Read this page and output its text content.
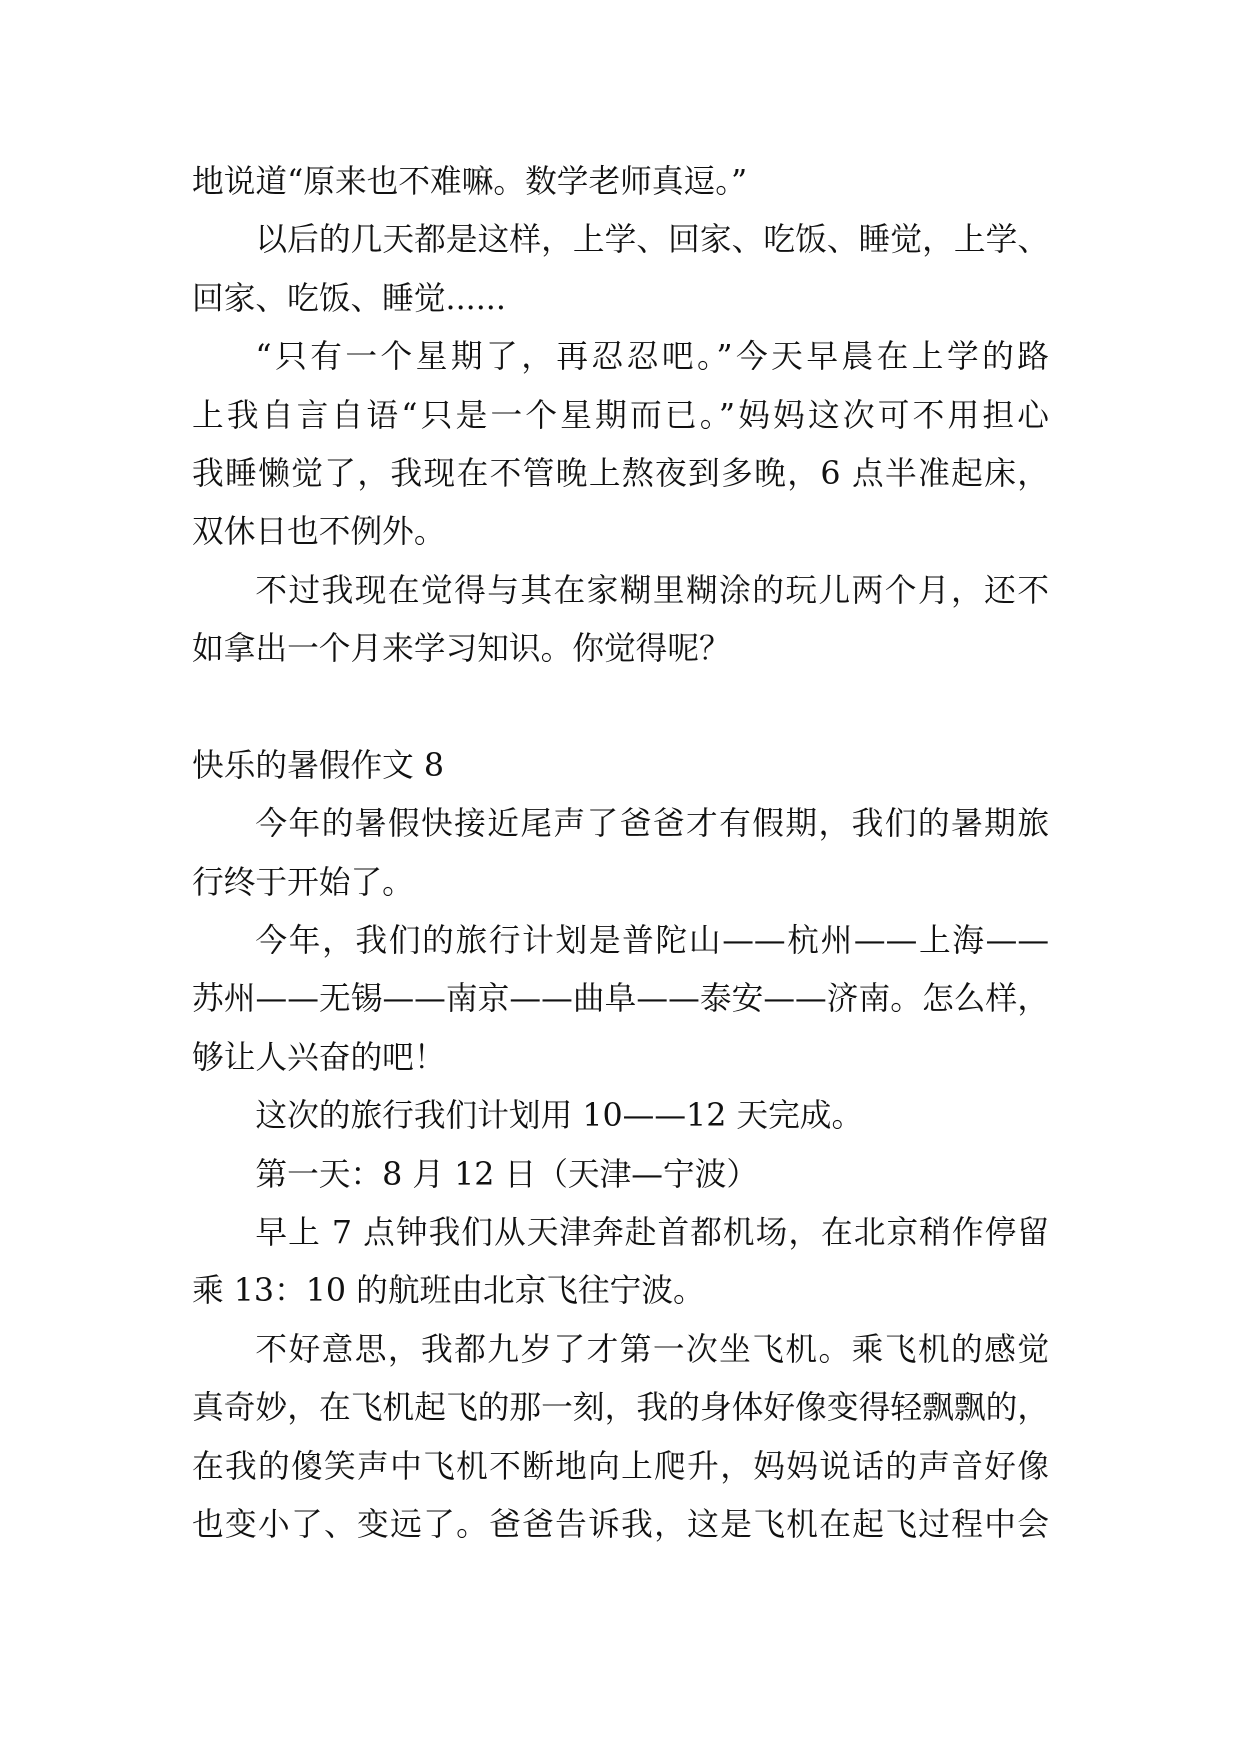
地说道“原来也不难嘛。数学老师真逗。”
以后的几天都是这样，上学、回家、吃饭、睡觉，上学、
回家、吃饭、睡觉......
“只有一个星期了，再忍忍吧。”今天早晨在上学的路
上我自言自语“只是一个星期而已。”妈妈这次可不用担心
我睡懒觉了，我现在不管晚上熬夜到多晚，6 点半准起床，
双休日也不例外。
不过我现在觉得与其在家糊里糊涂的玩儿两个月，还不
如拿出一个月来学习知识。你觉得呢？
快乐的暑假作文 8
今年的暑假快接近尾声了爸爸才有假期，我们的暑期旅
行终于开始了。
今年，我们的旅行计划是普陀山——杭州——上海——
苏州——无锡——南京——曲阜——泰安——济南。怎么样，
够让人兴奋的吧！
这次的旅行我们计划用 10——12 天完成。
第一天：8 月 12 日（天津—宁波）
早上 7 点钟我们从天津奔赴首都机场，在北京稍作停留
乘 13：10 的航班由北京飞往宁波。
不好意思，我都九岁了才第一次坐飞机。乘飞机的感觉
真奇妙，在飞机起飞的那一刻，我的身体好像变得轻飘飘的，
在我的傻笑声中飞机不断地向上爬升，妈妈说话的声音好像
也变小了、变远了。爸爸告诉我，这是飞机在起飞过程中会
